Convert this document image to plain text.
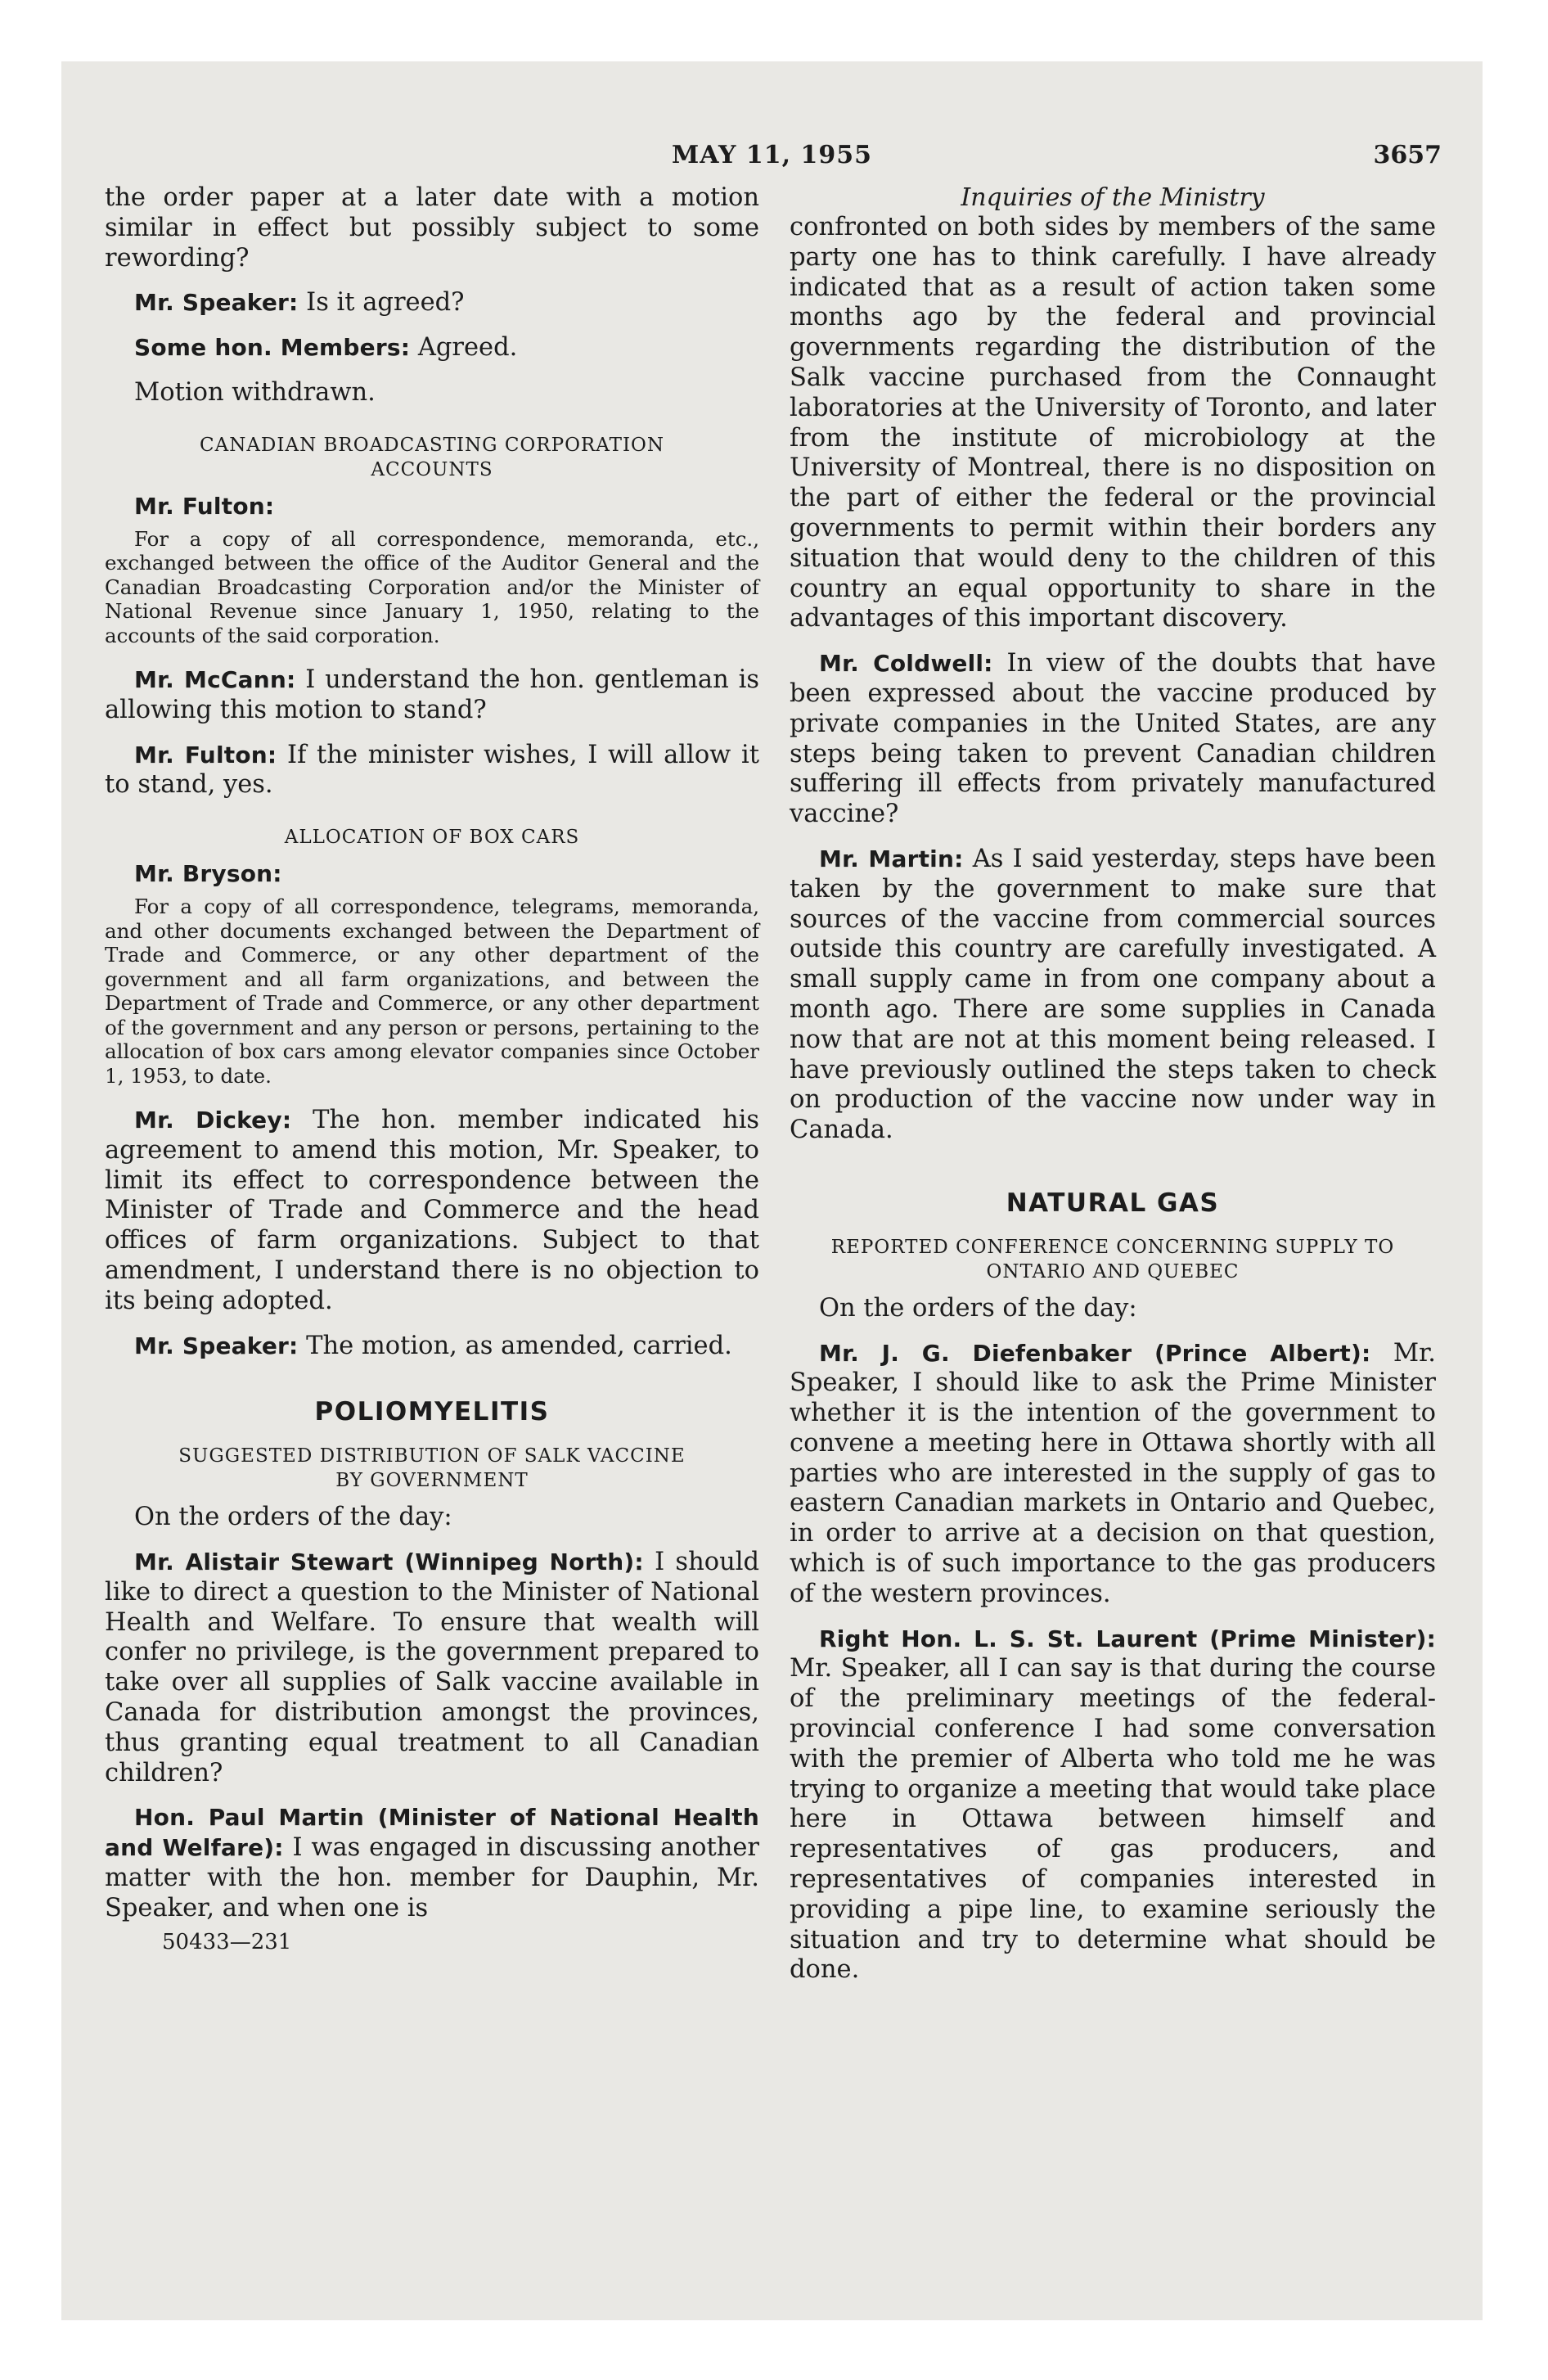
MAY 11, 1955	3657

the order paper at a later date with a motion similar in effect but possibly subject to some rewording?

Mr. Speaker: Is it agreed?

Some hon. Members: Agreed.

Motion withdrawn.

CANADIAN BROADCASTING CORPORATION
ACCOUNTS

Mr. Fulton:

For a copy of all correspondence, memoranda, etc., exchanged between the office of the Auditor General and the Canadian Broadcasting Corporation and/or the Minister of National Revenue since January 1, 1950, relating to the accounts of the said corporation.

Mr. McCann: I understand the hon. gentleman is allowing this motion to stand?

Mr. Fulton: If the minister wishes, I will allow it to stand, yes.

ALLOCATION OF BOX CARS

Mr. Bryson:

For a copy of all correspondence, telegrams, memoranda, and other documents exchanged between the Department of Trade and Commerce, or any other department of the government and all farm organizations, and between the Department of Trade and Commerce, or any other department of the government and any person or persons, pertaining to the allocation of box cars among elevator companies since October 1, 1953, to date.

Mr. Dickey: The hon. member indicated his agreement to amend this motion, Mr. Speaker, to limit its effect to correspondence between the Minister of Trade and Commerce and the head offices of farm organizations. Subject to that amendment, I understand there is no objection to its being adopted.

Mr. Speaker: The motion, as amended, carried.

POLIOMYELITIS
SUGGESTED DISTRIBUTION OF SALK VACCINE
BY GOVERNMENT

On the orders of the day:

Mr. Alistair Stewart (Winnipeg North): I should like to direct a question to the Minister of National Health and Welfare. To ensure that wealth will confer no privilege, is the government prepared to take over all supplies of Salk vaccine available in Canada for distribution amongst the provinces, thus granting equal treatment to all Canadian children?

Hon. Paul Martin (Minister of National Health and Welfare): I was engaged in discussing another matter with the hon. member for Dauphin, Mr. Speaker, and when one is

50433—231
Inquiries of the Ministry

confronted on both sides by members of the same party one has to think carefully. I have already indicated that as a result of action taken some months ago by the federal and provincial governments regarding the distribution of the Salk vaccine purchased from the Connaught laboratories at the University of Toronto, and later from the institute of microbiology at the University of Montreal, there is no disposition on the part of either the federal or the provincial governments to permit within their borders any situation that would deny to the children of this country an equal opportunity to share in the advantages of this important discovery.

Mr. Coldwell: In view of the doubts that have been expressed about the vaccine produced by private companies in the United States, are any steps being taken to prevent Canadian children suffering ill effects from privately manufactured vaccine?

Mr. Martin: As I said yesterday, steps have been taken by the government to make sure that sources of the vaccine from commercial sources outside this country are carefully investigated. A small supply came in from one company about a month ago. There are some supplies in Canada now that are not at this moment being released. I have previously outlined the steps taken to check on production of the vaccine now under way in Canada.

NATURAL GAS
REPORTED CONFERENCE CONCERNING SUPPLY TO
ONTARIO AND QUEBEC

On the orders of the day:

Mr. J. G. Diefenbaker (Prince Albert): Mr. Speaker, I should like to ask the Prime Minister whether it is the intention of the government to convene a meeting here in Ottawa shortly with all parties who are interested in the supply of gas to eastern Canadian markets in Ontario and Quebec, in order to arrive at a decision on that question, which is of such importance to the gas producers of the western provinces.

Right Hon. L. S. St. Laurent (Prime Minister): Mr. Speaker, all I can say is that during the course of the preliminary meetings of the federal-provincial conference I had some conversation with the premier of Alberta who told me he was trying to organize a meeting that would take place here in Ottawa between himself and representatives of gas producers, and representatives of companies interested in providing a pipe line, to examine seriously the situation and try to determine what should be done.
